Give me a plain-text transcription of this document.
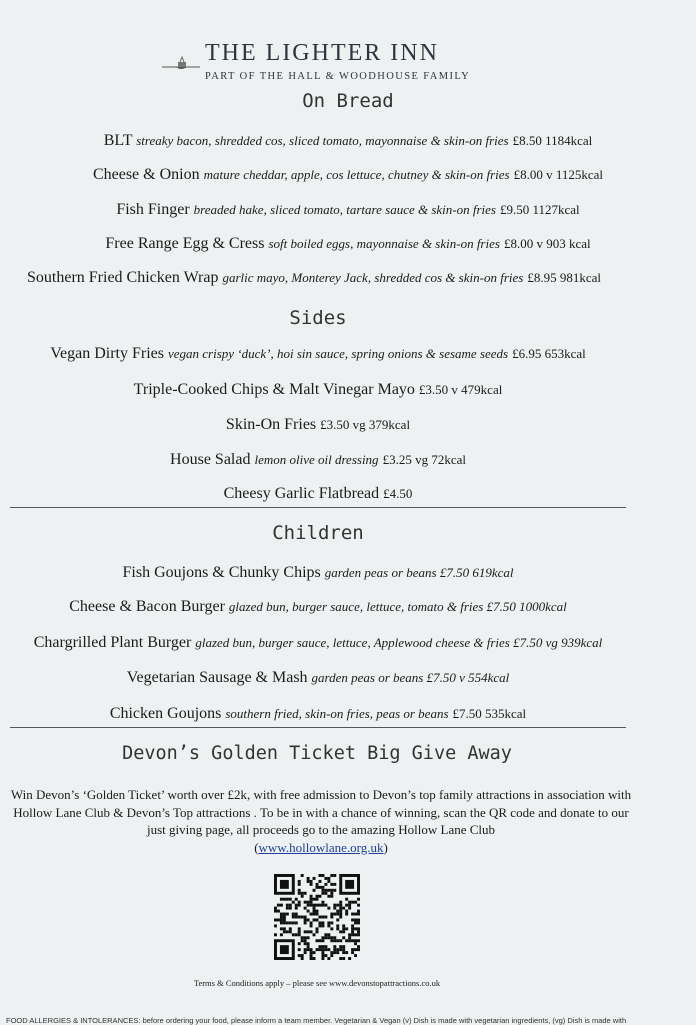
THE LIGHTER INN
PART OF THE HALL & WOODHOUSE FAMILY
On Bread
BLT streaky bacon, shredded cos, sliced tomato, mayonnaise & skin-on fries £8.50 1184kcal
Cheese & Onion mature cheddar, apple, cos lettuce, chutney & skin-on fries £8.00 v 1125kcal
Fish Finger breaded hake, sliced tomato, tartare sauce & skin-on fries £9.50 1127kcal
Free Range Egg & Cress soft boiled eggs, mayonnaise & skin-on fries £8.00 v 903 kcal
Southern Fried Chicken Wrap garlic mayo, Monterey Jack, shredded cos & skin-on fries £8.95 981kcal
Sides
Vegan Dirty Fries vegan crispy ‘duck’, hoi sin sauce, spring onions & sesame seeds £6.95 653kcal
Triple-Cooked Chips & Malt Vinegar Mayo £3.50 v 479kcal
Skin-On Fries £3.50 vg 379kcal
House Salad lemon olive oil dressing £3.25 vg 72kcal
Cheesy Garlic Flatbread £4.50
Children
Fish Goujons & Chunky Chips garden peas or beans £7.50 619kcal
Cheese & Bacon Burger glazed bun, burger sauce, lettuce, tomato & fries £7.50 1000kcal
Chargrilled Plant Burger glazed bun, burger sauce, lettuce, Applewood cheese & fries £7.50 vg 939kcal
Vegetarian Sausage & Mash garden peas or beans £7.50 v 554kcal
Chicken Goujons southern fried, skin-on fries, peas or beans £7.50 535kcal
Devon’s Golden Ticket Big Give Away
Win Devon’s ‘Golden Ticket’ worth over £2k, with free admission to Devon’s top family attractions in association with Hollow Lane Club & Devon’s Top attractions . To be in with a chance of winning, scan the QR code and donate to our just giving page, all proceeds go to the amazing Hollow Lane Club
(www.hollowlane.org.uk)
Terms & Conditions apply – please see www.devonstopattractions.co.uk
FOOD ALLERGIES & INTOLERANCES: before ordering your food, please inform a team member. Vegetarian & Vegan (v) Dish is made with vegetarian ingredients, (vg) Dish is made with
